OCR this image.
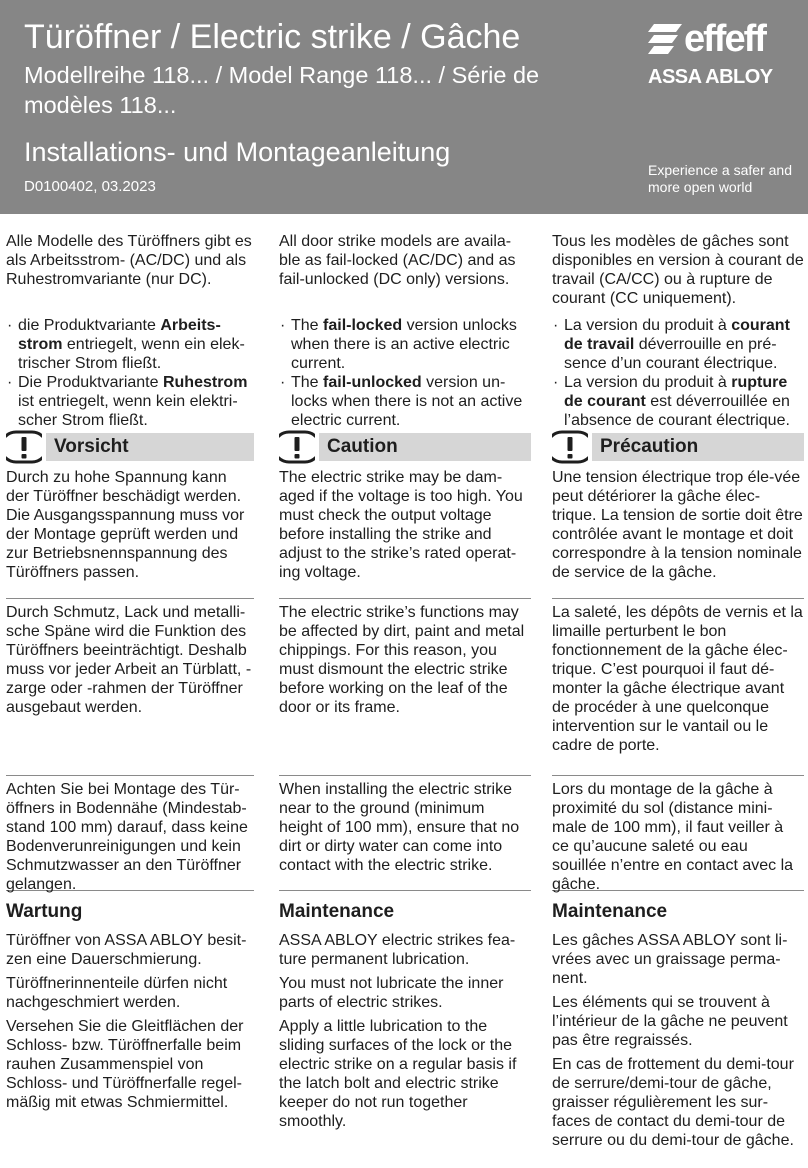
Türöffner / Electric strike / Gâche
Modellreihe 118... / Model Range 118... / Série de modèles 118...
Installations- und Montageanleitung
D0100402, 03.2023
effeff
ASSA ABLOY
Experience a safer and more open world

Alle Modelle des Türöffners gibt es als Arbeitsstrom- (AC/DC) und als Ruhestromvariante (nur DC).

· die Produktvariante Arbeits-strom entriegelt, wenn ein elek-trischer Strom fließt.
· Die Produktvariante Ruhestrom ist entriegelt, wenn kein elektri-scher Strom fließt.
Vorsicht

Durch zu hohe Spannung kann der Türöffner beschädigt werden. Die Ausgangsspannung muss vor der Montage geprüft werden und zur Betriebsnennspannung des Türöffners passen.

Durch Schmutz, Lack und metalli-sche Späne wird die Funktion des Türöffners beeinträchtigt. Deshalb muss vor jeder Arbeit an Türblatt, -zarge oder -rahmen der Türöffner ausgebaut werden.

Achten Sie bei Montage des Tür-öffners in Bodennähe (Mindestab-stand 100 mm) darauf, dass keine Bodenverunreinigungen und kein Schmutzwasser an den Türöffner gelangen.

Wartung

Türöffner von ASSA ABLOY besit-zen eine Dauerschmierung.

Türöffnerinnenteile dürfen nicht nachgeschmiert werden.

Versehen Sie die Gleitflächen der Schloss- bzw. Türöffnerfalle beim rauhen Zusammenspiel von Schloss- und Türöffnerfalle regel-mäßig mit etwas Schmiermittel.

All door strike models are availa-ble as fail-locked (AC/DC) and as fail-unlocked (DC only) versions.

· The fail-locked version unlocks when there is an active electric current.
· The fail-unlocked version un-locks when there is not an active electric current.
Caution

The electric strike may be dam-aged if the voltage is too high. You must check the output voltage before installing the strike and adjust to the strike’s rated operat-ing voltage.

The electric strike’s functions may be affected by dirt, paint and metal chippings. For this reason, you must dismount the electric strike before working on the leaf of the door or its frame.

When installing the electric strike near to the ground (minimum height of 100 mm), ensure that no dirt or dirty water can come into contact with the electric strike.

Maintenance

ASSA ABLOY electric strikes fea-ture permanent lubrication.

You must not lubricate the inner parts of electric strikes.

Apply a little lubrication to the sliding surfaces of the lock or the electric strike on a regular basis if the latch bolt and electric strike keeper do not run together smoothly.

Tous les modèles de gâches sont disponibles en version à courant de travail (CA/CC) ou à rupture de courant (CC uniquement).

· La version du produit à courant de travail déverrouille en pré-sence d’un courant électrique.
· La version du produit à rupture de courant est déverrouillée en l’absence de courant électrique.
Précaution

Une tension électrique trop éle-vée peut détériorer la gâche élec-trique. La tension de sortie doit être contrôlée avant le montage et doit correspondre à la tension nominale de service de la gâche.

La saleté, les dépôts de vernis et la limaille perturbent le bon fonctionnement de la gâche élec-trique. C’est pourquoi il faut dé-monter la gâche électrique avant de procéder à une quelconque intervention sur le vantail ou le cadre de porte.

Lors du montage de la gâche à proximité du sol (distance mini-male de 100 mm), il faut veiller à ce qu’aucune saleté ou eau souillée n’entre en contact avec la gâche.

Maintenance

Les gâches ASSA ABLOY sont li-vrées avec un graissage perma-nent.

Les éléments qui se trouvent à l’intérieur de la gâche ne peuvent pas être regraissés.

En cas de frottement du demi-tour de serrure/demi-tour de gâche, graisser régulièrement les sur-faces de contact du demi-tour de serrure ou du demi-tour de gâche.
